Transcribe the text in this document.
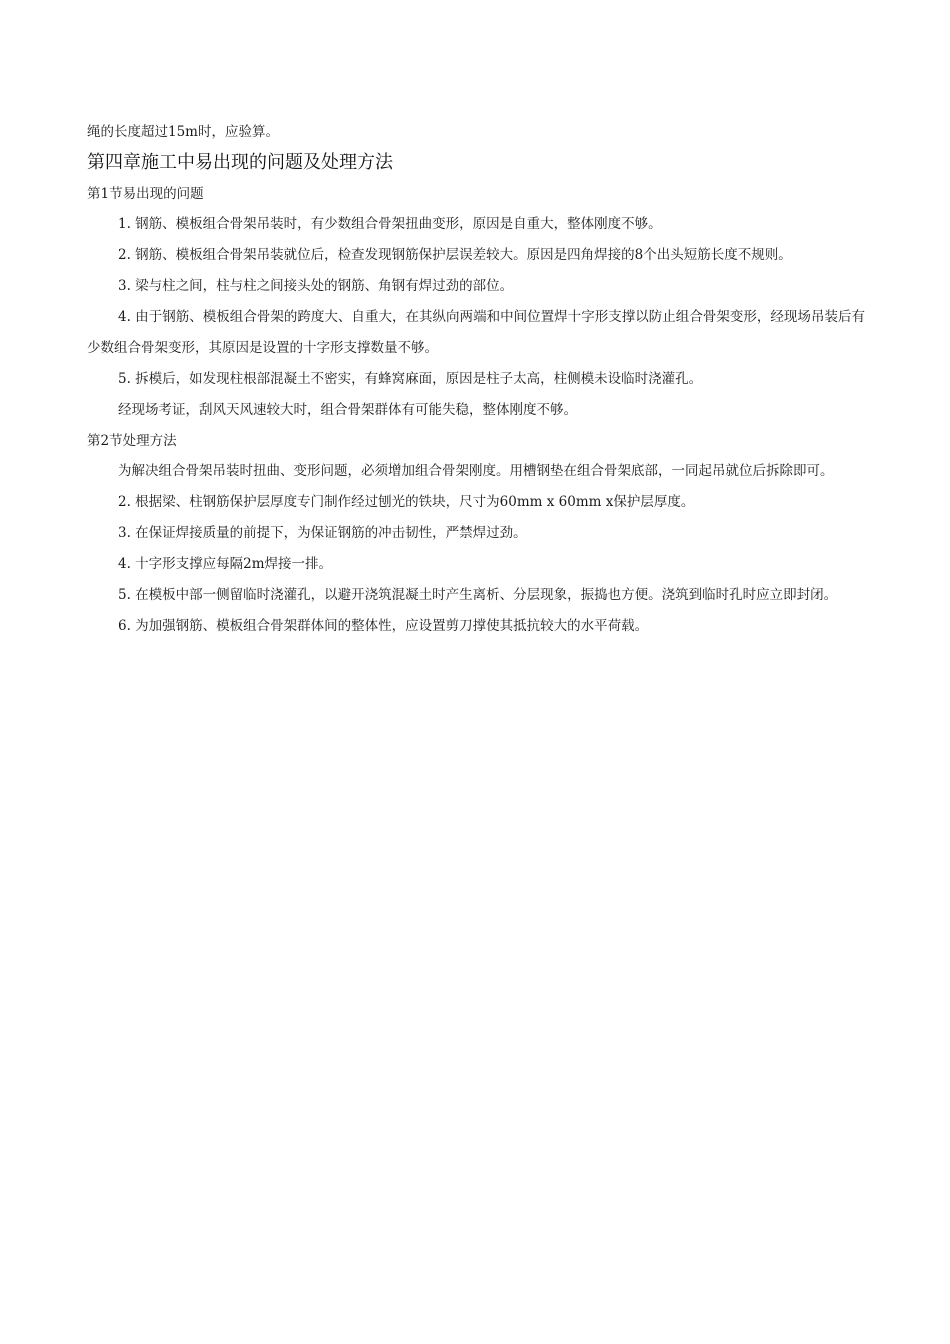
绳的长度超过15m时，应验算。

第四章施工中易出现的问题及处理方法
第1节易出现的问题

1. 钢筋、模板组合骨架吊装时，有少数组合骨架扭曲变形，原因是自重大，整体刚度不够。

2. 钢筋、模板组合骨架吊装就位后，检查发现钢筋保护层误差较大。原因是四角焊接的8个出头短筋长度不规则。

3. 梁与柱之间，柱与柱之间接头处的钢筋、角钢有焊过劲的部位。

4. 由于钢筋、模板组合骨架的跨度大、自重大，在其纵向两端和中间位置焊十字形支撑以防止组合骨架变形，经现场吊装后有少数组合骨架变形，其原因是设置的十字形支撑数量不够。

5. 拆模后，如发现柱根部混凝土不密实，有蜂窝麻面，原因是柱子太高，柱侧模未设临时浇灌孔。

经现场考证，刮风天风速较大时，组合骨架群体有可能失稳，整体刚度不够。

第2节处理方法

为解决组合骨架吊装时扭曲、变形问题，必须增加组合骨架刚度。用槽钢垫在组合骨架底部，一同起吊就位后拆除即可。

2. 根据梁、柱钢筋保护层厚度专门制作经过刨光的铁块，尺寸为60mm x 60mm x保护层厚度。

3. 在保证焊接质量的前提下，为保证钢筋的冲击韧性，严禁焊过劲。

4. 十字形支撑应每隔2m焊接一排。

5. 在模板中部一侧留临时浇灌孔，以避开浇筑混凝土时产生离析、分层现象，振捣也方便。浇筑到临时孔时应立即封闭。

6. 为加强钢筋、模板组合骨架群体间的整体性，应设置剪刀撑使其抵抗较大的水平荷载。
